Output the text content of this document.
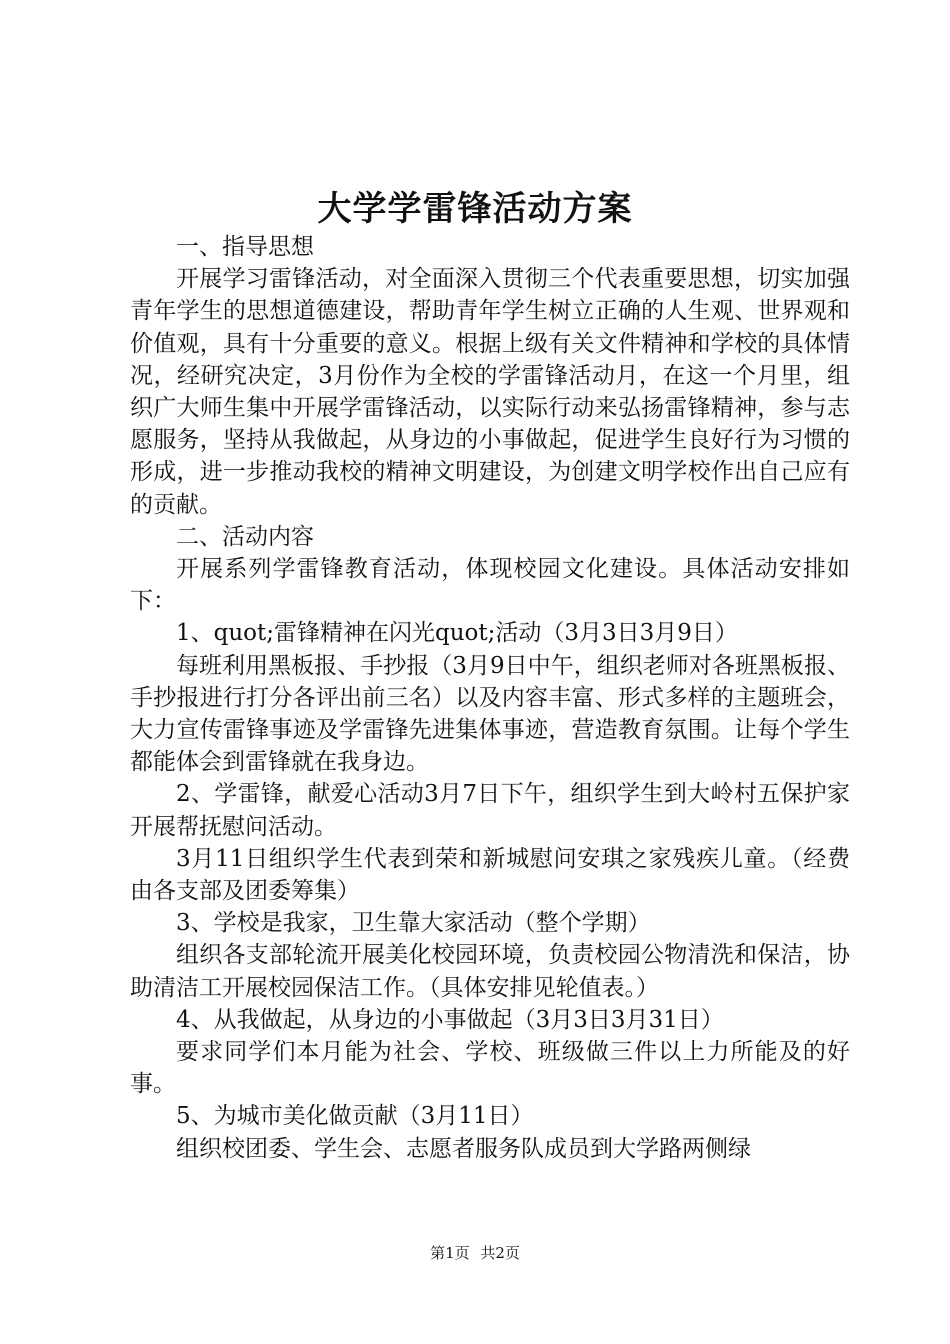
大学学雷锋活动方案

一、指导思想

开展学习雷锋活动，对全面深入贯彻三个代表重要思想，切实加强青年学生的思想道德建设，帮助青年学生树立正确的人生观、世界观和价值观，具有十分重要的意义。根据上级有关文件精神和学校的具体情况，经研究决定，3月份作为全校的学雷锋活动月，在这一个月里，组织广大师生集中开展学雷锋活动，以实际行动来弘扬雷锋精神，参与志愿服务，坚持从我做起，从身边的小事做起，促进学生良好行为习惯的形成，进一步推动我校的精神文明建设，为创建文明学校作出自己应有的贡献。

二、活动内容

开展系列学雷锋教育活动，体现校园文化建设。具体活动安排如下：

1、quot;雷锋精神在闪光quot;活动（3月3日3月9日）

每班利用黑板报、手抄报（3月9日中午，组织老师对各班黑板报、手抄报进行打分各评出前三名）以及内容丰富、形式多样的主题班会，大力宣传雷锋事迹及学雷锋先进集体事迹，营造教育氛围。让每个学生都能体会到雷锋就在我身边。

2、学雷锋，献爱心活动3月7日下午，组织学生到大岭村五保护家开展帮抚慰问活动。

3月11日组织学生代表到荣和新城慰问安琪之家残疾儿童。（经费由各支部及团委筹集）

3、学校是我家，卫生靠大家活动（整个学期）

组织各支部轮流开展美化校园环境，负责校园公物清洗和保洁，协助清洁工开展校园保洁工作。（具体安排见轮值表。）

4、从我做起，从身边的小事做起（3月3日3月31日）

要求同学们本月能为社会、学校、班级做三件以上力所能及的好事。

5、为城市美化做贡献（3月11日）

组织校团委、学生会、志愿者服务队成员到大学路两侧绿

第1页 共2页
